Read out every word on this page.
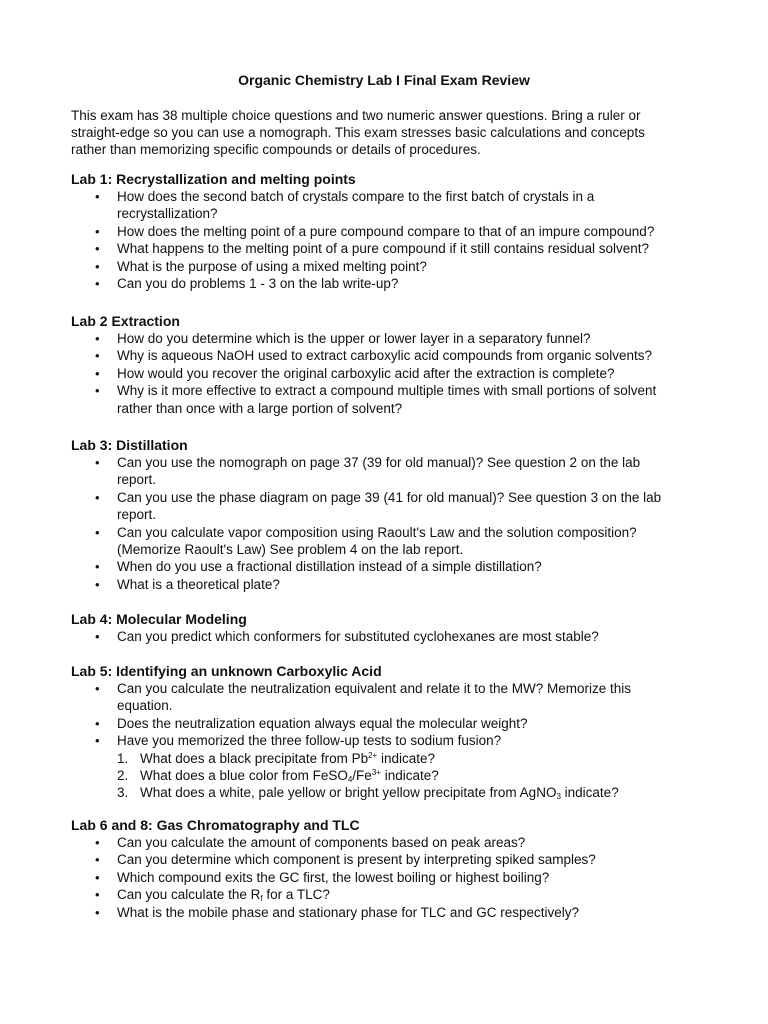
Organic Chemistry Lab I Final Exam Review
This exam has 38 multiple choice questions and two numeric answer questions. Bring a ruler or
straight-edge so you can use a nomograph. This exam stresses basic calculations and concepts
rather than memorizing specific compounds or details of procedures.
Lab 1: Recrystallization and melting points
• How does the second batch of crystals compare to the first batch of crystals in a
recrystallization?
• How does the melting point of a pure compound compare to that of an impure compound?
• What happens to the melting point of a pure compound if it still contains residual solvent?
• What is the purpose of using a mixed melting point?
• Can you do problems 1 - 3 on the lab write-up?
Lab 2 Extraction
• How do you determine which is the upper or lower layer in a separatory funnel?
• Why is aqueous NaOH used to extract carboxylic acid compounds from organic solvents?
• How would you recover the original carboxylic acid after the extraction is complete?
• Why is it more effective to extract a compound multiple times with small portions of solvent
rather than once with a large portion of solvent?
Lab 3: Distillation
• Can you use the nomograph on page 37 (39 for old manual)? See question 2 on the lab
report.
• Can you use the phase diagram on page 39 (41 for old manual)? See question 3 on the lab
report.
• Can you calculate vapor composition using Raoult's Law and the solution composition?
(Memorize Raoult's Law) See problem 4 on the lab report.
• When do you use a fractional distillation instead of a simple distillation?
• What is a theoretical plate?
Lab 4: Molecular Modeling
• Can you predict which conformers for substituted cyclohexanes are most stable?
Lab 5: Identifying an unknown Carboxylic Acid
• Can you calculate the neutralization equivalent and relate it to the MW? Memorize this
equation.
• Does the neutralization equation always equal the molecular weight?
• Have you memorized the three follow-up tests to sodium fusion?
1. What does a black precipitate from $Pb^{2+}$ indicate?
2. What does a blue color from $FeSO_4/Fe^{3+}$ indicate?
3. What does a white, pale yellow or bright yellow precipitate from AgNO$_3$ indicate?
Lab 6 and 8: Gas Chromatography and TLC
• Can you calculate the amount of components based on peak areas?
• Can you determine which component is present by interpreting spiked samples?
• Which compound exits the GC first, the lowest boiling or highest boiling?
• Can you calculate the $R_f$ for a TLC?
• What is the mobile phase and stationary phase for TLC and GC respectively?
